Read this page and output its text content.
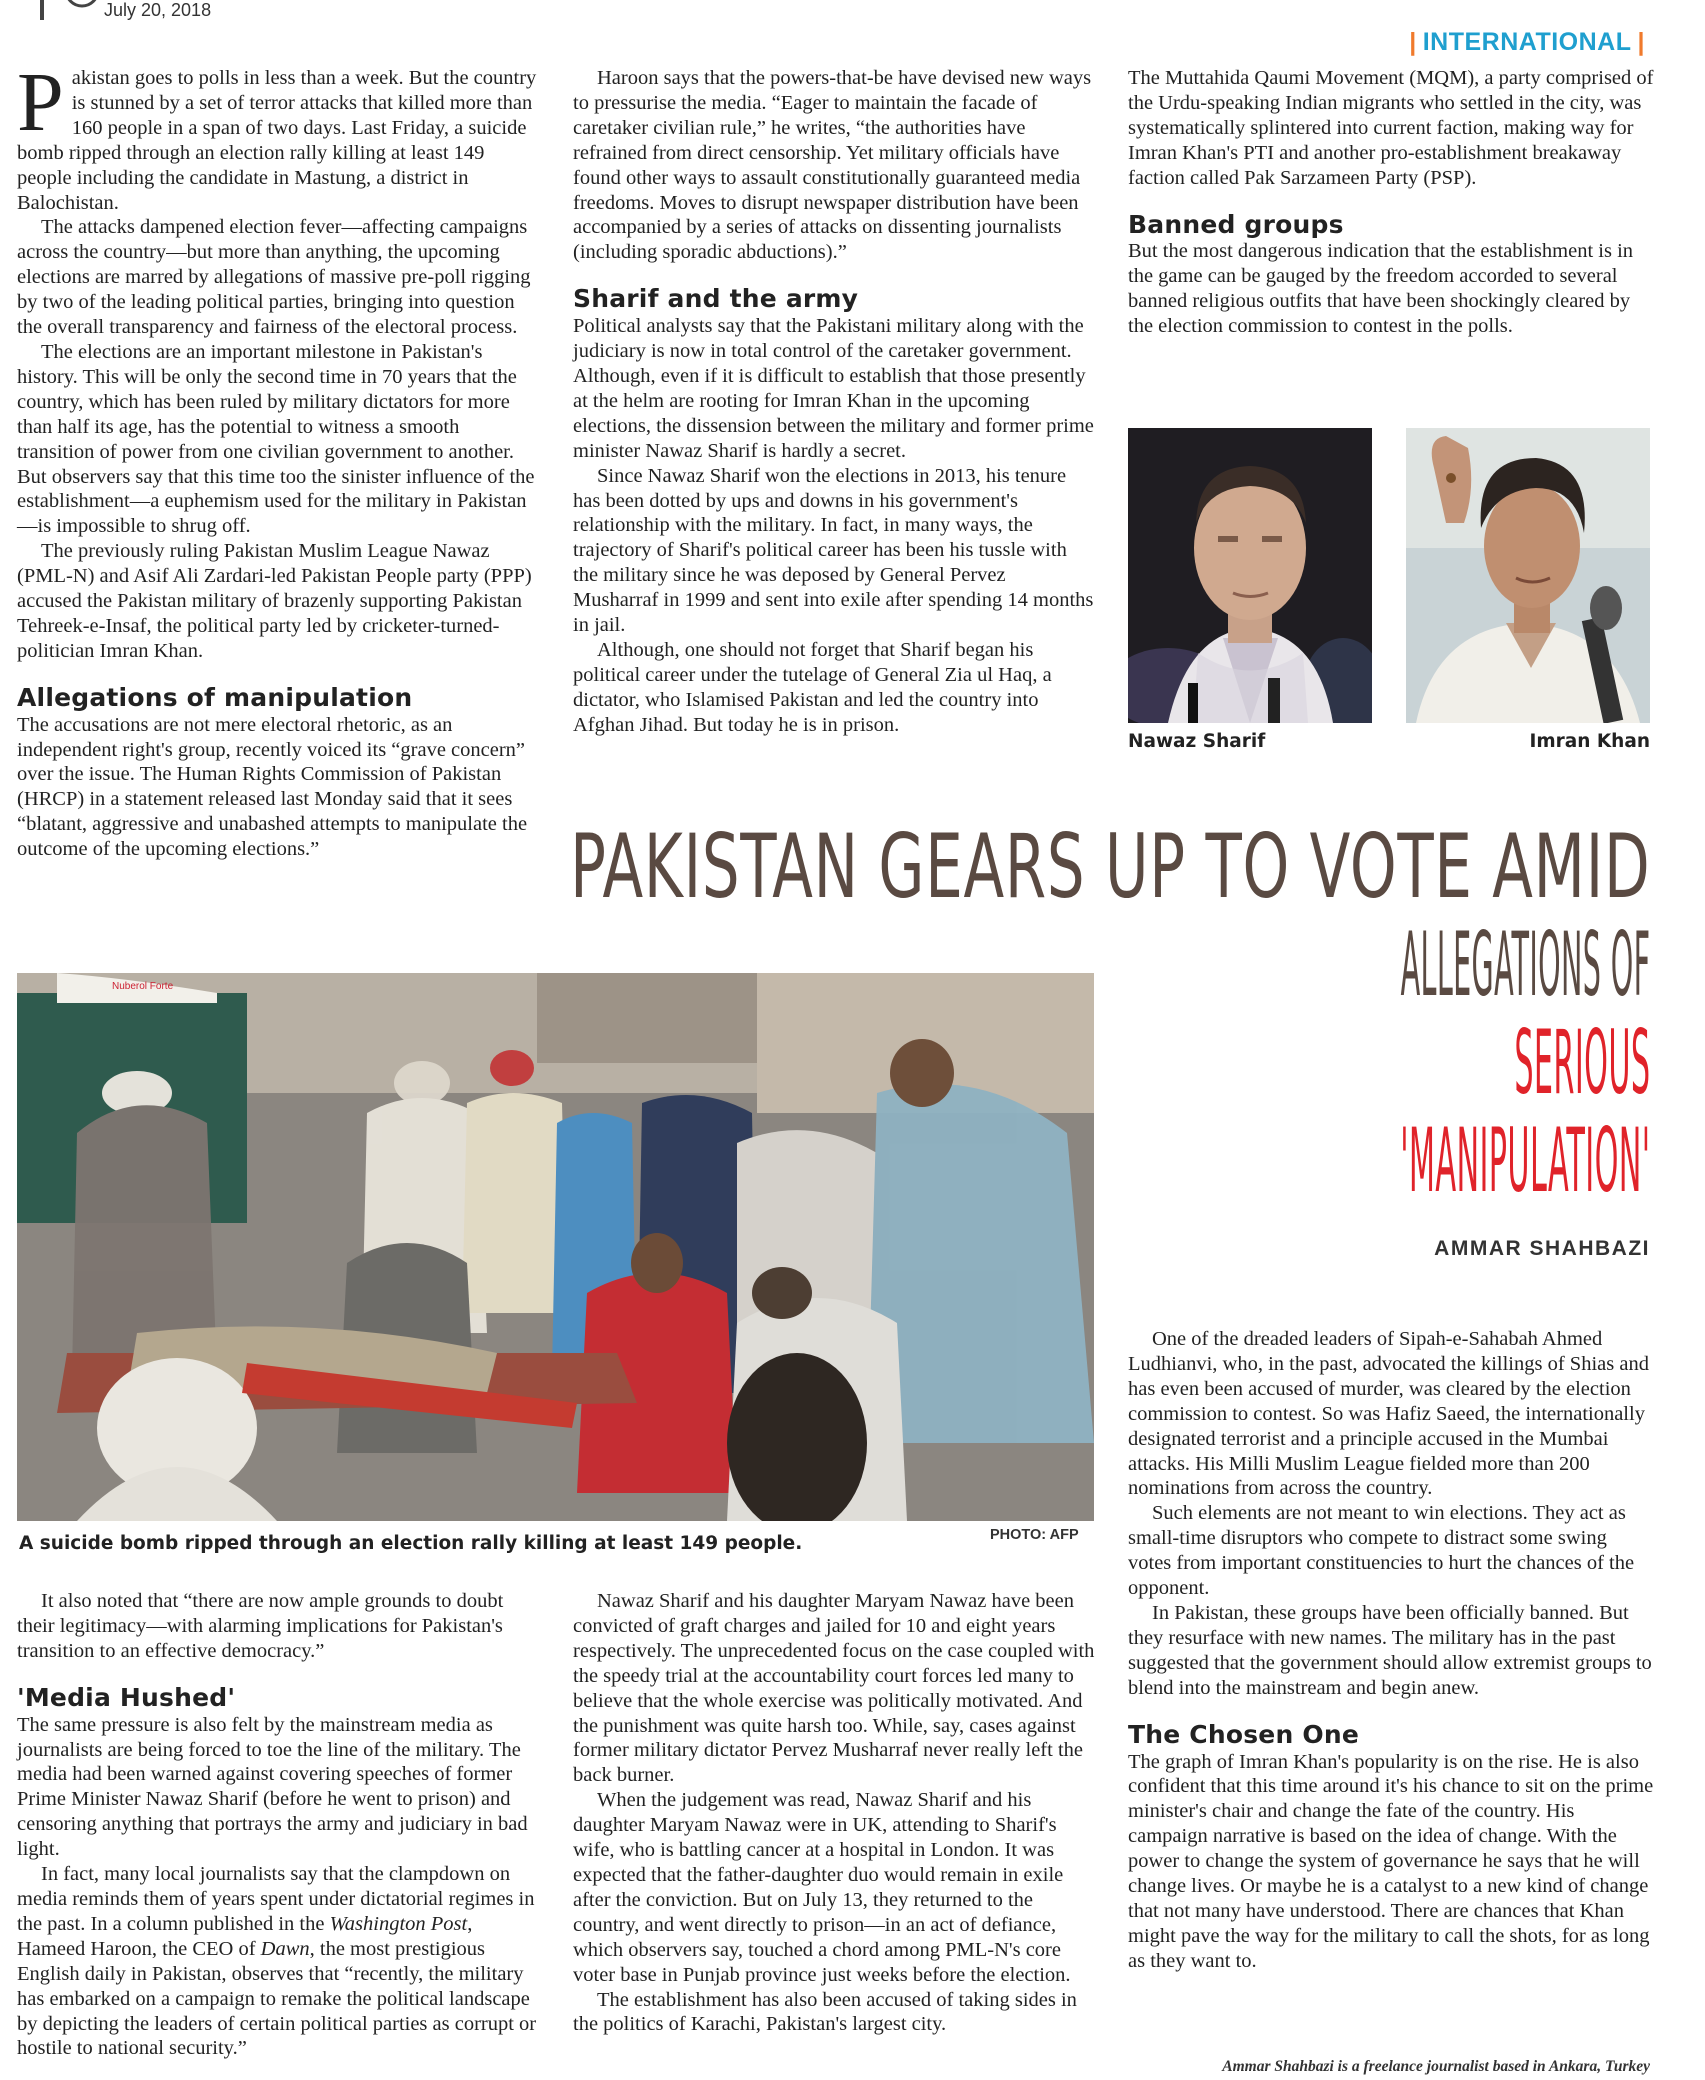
July 20, 2018
| INTERNATIONAL |

Pakistan goes to polls in less than a week. But the country is stunned by a set of terror attacks that killed more than 160 people in a span of two days. Last Friday, a suicide bomb ripped through an election rally killing at least 149 people including the candidate in Mastung, a district in Balochistan.

The attacks dampened election fever—affecting campaigns across the country—but more than anything, the upcoming elections are marred by allegations of massive pre-poll rigging by two of the leading political parties, bringing into question the overall transparency and fairness of the electoral process.

The elections are an important milestone in Pakistan's history. This will be only the second time in 70 years that the country, which has been ruled by military dictators for more than half its age, has the potential to witness a smooth transition of power from one civilian government to another. But observers say that this time too the sinister influence of the establishment—a euphemism used for the military in Pakistan—is impossible to shrug off.

The previously ruling Pakistan Muslim League Nawaz (PML-N) and Asif Ali Zardari-led Pakistan People party (PPP) accused the Pakistan military of brazenly supporting Pakistan Tehreek-e-Insaf, the political party led by cricketer-turned-politician Imran Khan.

Allegations of manipulation

The accusations are not mere electoral rhetoric, as an independent right's group, recently voiced its “grave concern” over the issue. The Human Rights Commission of Pakistan (HRCP) in a statement released last Monday said that it sees “blatant, aggressive and unabashed attempts to manipulate the outcome of the upcoming elections.”

Haroon says that the powers-that-be have devised new ways to pressurise the media. “Eager to maintain the facade of caretaker civilian rule,” he writes, “the authorities have refrained from direct censorship. Yet military officials have found other ways to assault constitutionally guaranteed media freedoms. Moves to disrupt newspaper distribution have been accompanied by a series of attacks on dissenting journalists (including sporadic abductions).”

Sharif and the army

Political analysts say that the Pakistani military along with the judiciary is now in total control of the caretaker government. Although, even if it is difficult to establish that those presently at the helm are rooting for Imran Khan in the upcoming elections, the dissension between the military and former prime minister Nawaz Sharif is hardly a secret.

Since Nawaz Sharif won the elections in 2013, his tenure has been dotted by ups and downs in his government's relationship with the military. In fact, in many ways, the trajectory of Sharif's political career has been his tussle with the military since he was deposed by General Pervez Musharraf in 1999 and sent into exile after spending 14 months in jail.

Although, one should not forget that Sharif began his political career under the tutelage of General Zia ul Haq, a dictator, who Islamised Pakistan and led the country into Afghan Jihad. But today he is in prison.

The Muttahida Qaumi Movement (MQM), a party comprised of the Urdu-speaking Indian migrants who settled in the city, was systematically splintered into current faction, making way for Imran Khan's PTI and another pro-establishment breakaway faction called Pak Sarzameen Party (PSP).

Banned groups

But the most dangerous indication that the establishment is in the game can be gauged by the freedom accorded to several banned religious outfits that have been shockingly cleared by the election commission to contest in the polls.

Nawaz Sharif	Imran Khan
PAKISTAN GEARS UP TO VOTE AMID
ALLEGATIONS OF
SERIOUS
'MANIPULATION'
AMMAR SHAHBAZI
Nuberol Forte
A suicide bomb ripped through an election rally killing at least 149 people.	PHOTO: AFP

One of the dreaded leaders of Sipah-e-Sahabah Ahmed Ludhianvi, who, in the past, advocated the killings of Shias and has even been accused of murder, was cleared by the election commission to contest. So was Hafiz Saeed, the internationally designated terrorist and a principle accused in the Mumbai attacks. His Milli Muslim League fielded more than 200 nominations from across the country.

Such elements are not meant to win elections. They act as small-time disruptors who compete to distract some swing votes from important constituencies to hurt the chances of the opponent.

In Pakistan, these groups have been officially banned. But they resurface with new names. The military has in the past suggested that the government should allow extremist groups to blend into the mainstream and begin anew.

The Chosen One

The graph of Imran Khan's popularity is on the rise. He is also confident that this time around it's his chance to sit on the prime minister's chair and change the fate of the country. His campaign narrative is based on the idea of change. With the power to change the system of governance he says that he will change lives. Or maybe he is a catalyst to a new kind of change that not many have understood. There are chances that Khan might pave the way for the military to call the shots, for as long as they want to.

It also noted that “there are now ample grounds to doubt their legitimacy—with alarming implications for Pakistan's transition to an effective democracy.”

'Media Hushed'

The same pressure is also felt by the mainstream media as journalists are being forced to toe the line of the military. The media had been warned against covering speeches of former Prime Minister Nawaz Sharif (before he went to prison) and censoring anything that portrays the army and judiciary in bad light.

In fact, many local journalists say that the clampdown on media reminds them of years spent under dictatorial regimes in the past. In a column published in the Washington Post, Hameed Haroon, the CEO of Dawn, the most prestigious English daily in Pakistan, observes that “recently, the military has embarked on a campaign to remake the political landscape by depicting the leaders of certain political parties as corrupt or hostile to national security.”

Nawaz Sharif and his daughter Maryam Nawaz have been convicted of graft charges and jailed for 10 and eight years respectively. The unprecedented focus on the case coupled with the speedy trial at the accountability court forces led many to believe that the whole exercise was politically motivated. And the punishment was quite harsh too. While, say, cases against former military dictator Pervez Musharraf never really left the back burner.

When the judgement was read, Nawaz Sharif and his daughter Maryam Nawaz were in UK, attending to Sharif's wife, who is battling cancer at a hospital in London. It was expected that the father-daughter duo would remain in exile after the conviction. But on July 13, they returned to the country, and went directly to prison—in an act of defiance, which observers say, touched a chord among PML-N's core voter base in Punjab province just weeks before the election.

The establishment has also been accused of taking sides in the politics of Karachi, Pakistan's largest city.

Ammar Shahbazi is a freelance journalist based in Ankara, Turkey
